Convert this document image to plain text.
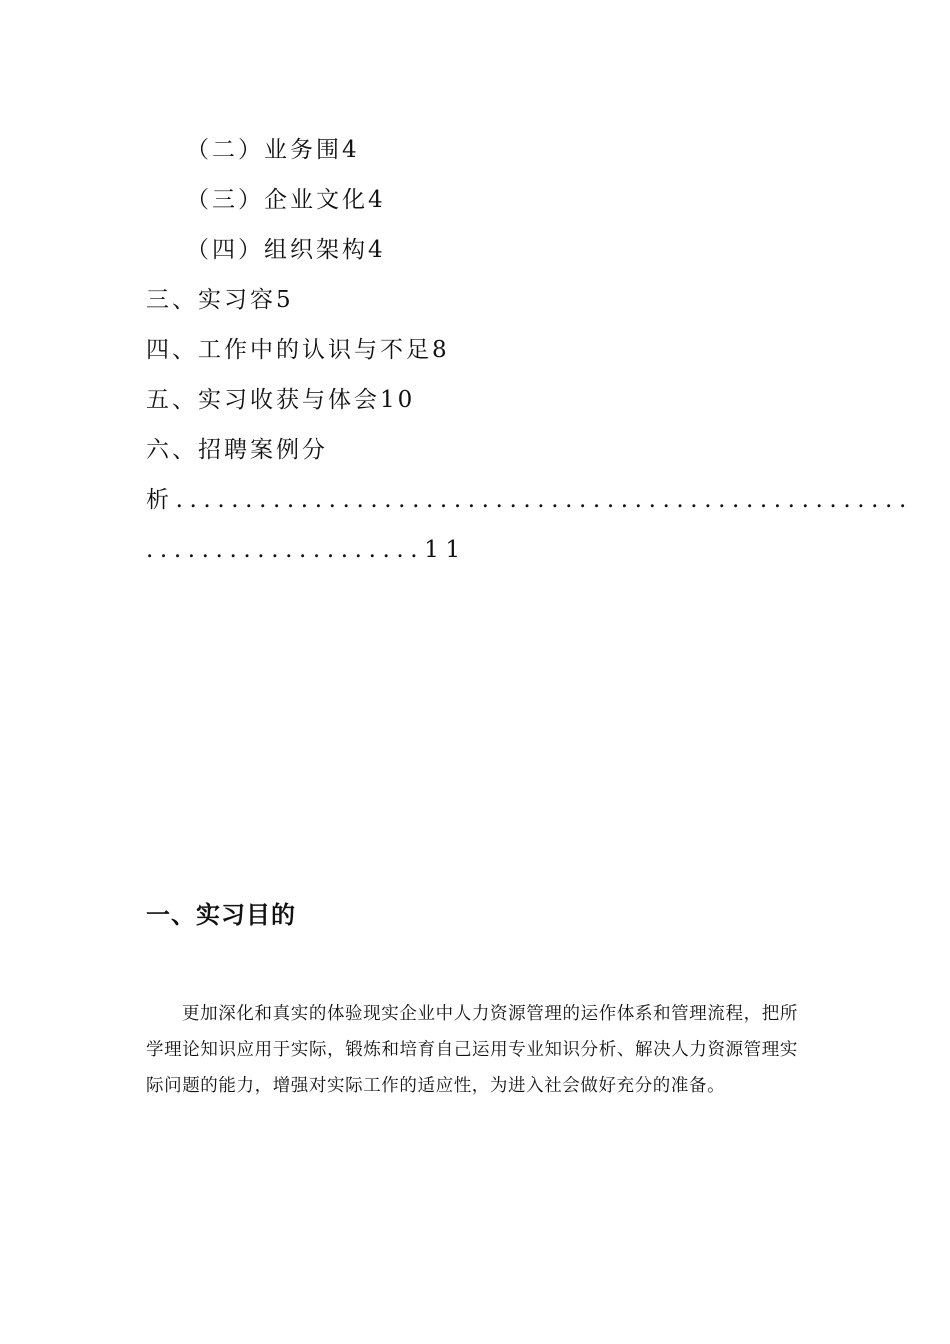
（二）业务围4
（三）企业文化4
（四）组织架构4
三、实习容5
四、工作中的认识与不足8
五、实习收获与体会10
六、招聘案例分
析.....................................................
....................11
一、实习目的

更加深化和真实的体验现实企业中人力资源管理的运作体系和管理流程，把所学理论知识应用于实际，锻炼和培育自己运用专业知识分析、解决人力资源管理实际问题的能力，增强对实际工作的适应性，为进入社会做好充分的准备。
